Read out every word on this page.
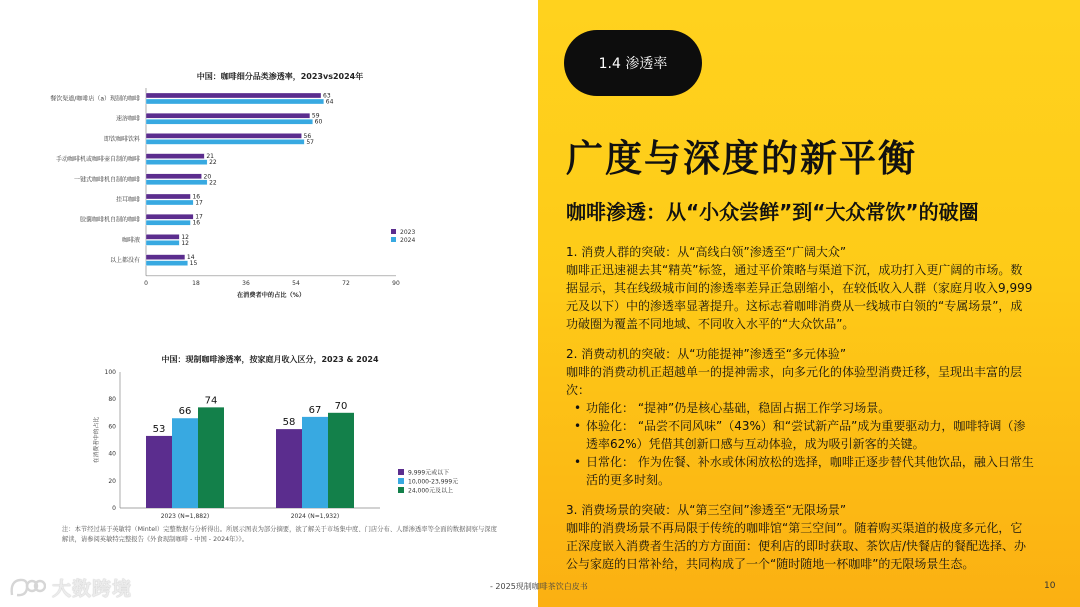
中国：咖啡细分品类渗透率，2023vs2024年
餐饮渠道/咖啡店（a）现制的咖啡	63
64
速溶咖啡	59
60
即饮咖啡饮料	56
57
手动咖啡机或咖啡壶自制的咖啡	21
22
一键式咖啡机自制的咖啡	20
22
挂耳咖啡	16
17
胶囊咖啡机自制的咖啡	17
16
咖啡液	12
12
以上都没有	14
15
0	18	36	54	72	90
在消费者中的占比（%）
2023
2024
中国：现制咖啡渗透率，按家庭月收入区分，2023 & 2024
0
20
40
60
80
100
在消费者中的占比	53
66
74
2023 (N=1,882)
58
67 70
2024 (N=1,932)
9,999元或以下
10,000-23,999元
24,000元及以上
注：本节经过基于英敏特（Mintel）完整数据与分析得出。所展示图表为部分摘要，欲了解关于市场集中度、门店分布、人群渗透率等全面的数据洞察与深度解读，请参阅英敏特完整报告《外食现制咖啡 - 中国 - 2024年》》。
大数跨境	- 2025现制咖啡茶饮白皮书
1.4 渗透率
广度与深度的新平衡
咖啡渗透：从“小众尝鲜”到“大众常饮”的破圈
1. 消费人群的突破：从“高线白领”渗透至“广阔大众”
咖啡正迅速褪去其“精英”标签，通过平价策略与渠道下沉，成功打入更广阔的市场。数据显示，其在线级城市间的渗透率差异正急剧缩小，在较低收入人群（家庭月收入9,999元及以下）中的渗透率显著提升。这标志着咖啡消费从一线城市白领的“专属场景”，成功破圈为覆盖不同地域、不同收入水平的“大众饮品”。
2. 消费动机的突破：从“功能提神”渗透至“多元体验”
咖啡的消费动机正超越单一的提神需求，向多元化的体验型消费迁移，呈现出丰富的层次：
• 功能化： “提神”仍是核心基础，稳固占据工作学习场景。
• 体验化： “品尝不同风味”（43%）和“尝试新产品”成为重要驱动力，咖啡特调（渗透率62%）凭借其创新口感与互动体验，成为吸引新客的关键。
• 日常化： 作为佐餐、补水或休闲放松的选择，咖啡正逐步替代其他饮品，融入日常生活的更多时刻。
3. 消费场景的突破：从“第三空间”渗透至“无限场景”
咖啡的消费场景不再局限于传统的咖啡馆“第三空间”。随着购买渠道的极度多元化，它正深度嵌入消费者生活的方方面面：便利店的即时获取、茶饮店/快餐店的餐配选择、办公与家庭的日常补给，共同构成了一个“随时随地一杯咖啡”的无限场景生态。
10
